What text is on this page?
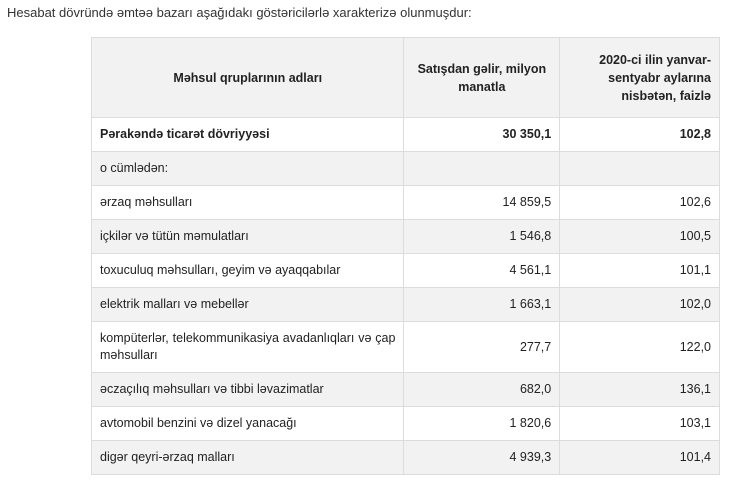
Hesabat dövründə əmtəə bazarı aşağıdakı göstəricilərlə xarakterizə olunmuşdur:
Məhsul qruplarının adları	Satışdan gəlir, milyon manatla	2020-ci ilin yanvar-sentyabr aylarına nisbətən, faizlə
Pərakəndə ticarət dövriyyəsi	30 350,1	102,8
o cümlədən:		
ərzaq məhsulları	14 859,5	102,6
içkilər və tütün məmulatları	1 546,8	100,5
toxuculuq məhsulları, geyim və ayaqqabılar	4 561,1	101,1
elektrik malları və mebellər	1 663,1	102,0
kompüterlər, telekommunikasiya avadanlıqları və çap məhsulları	277,7	122,0
əczaçılıq məhsulları və tibbi ləvazimatlar	682,0	136,1
avtomobil benzini və dizel yanacağı	1 820,6	103,1
digər qeyri-ərzaq malları	4 939,3	101,4
